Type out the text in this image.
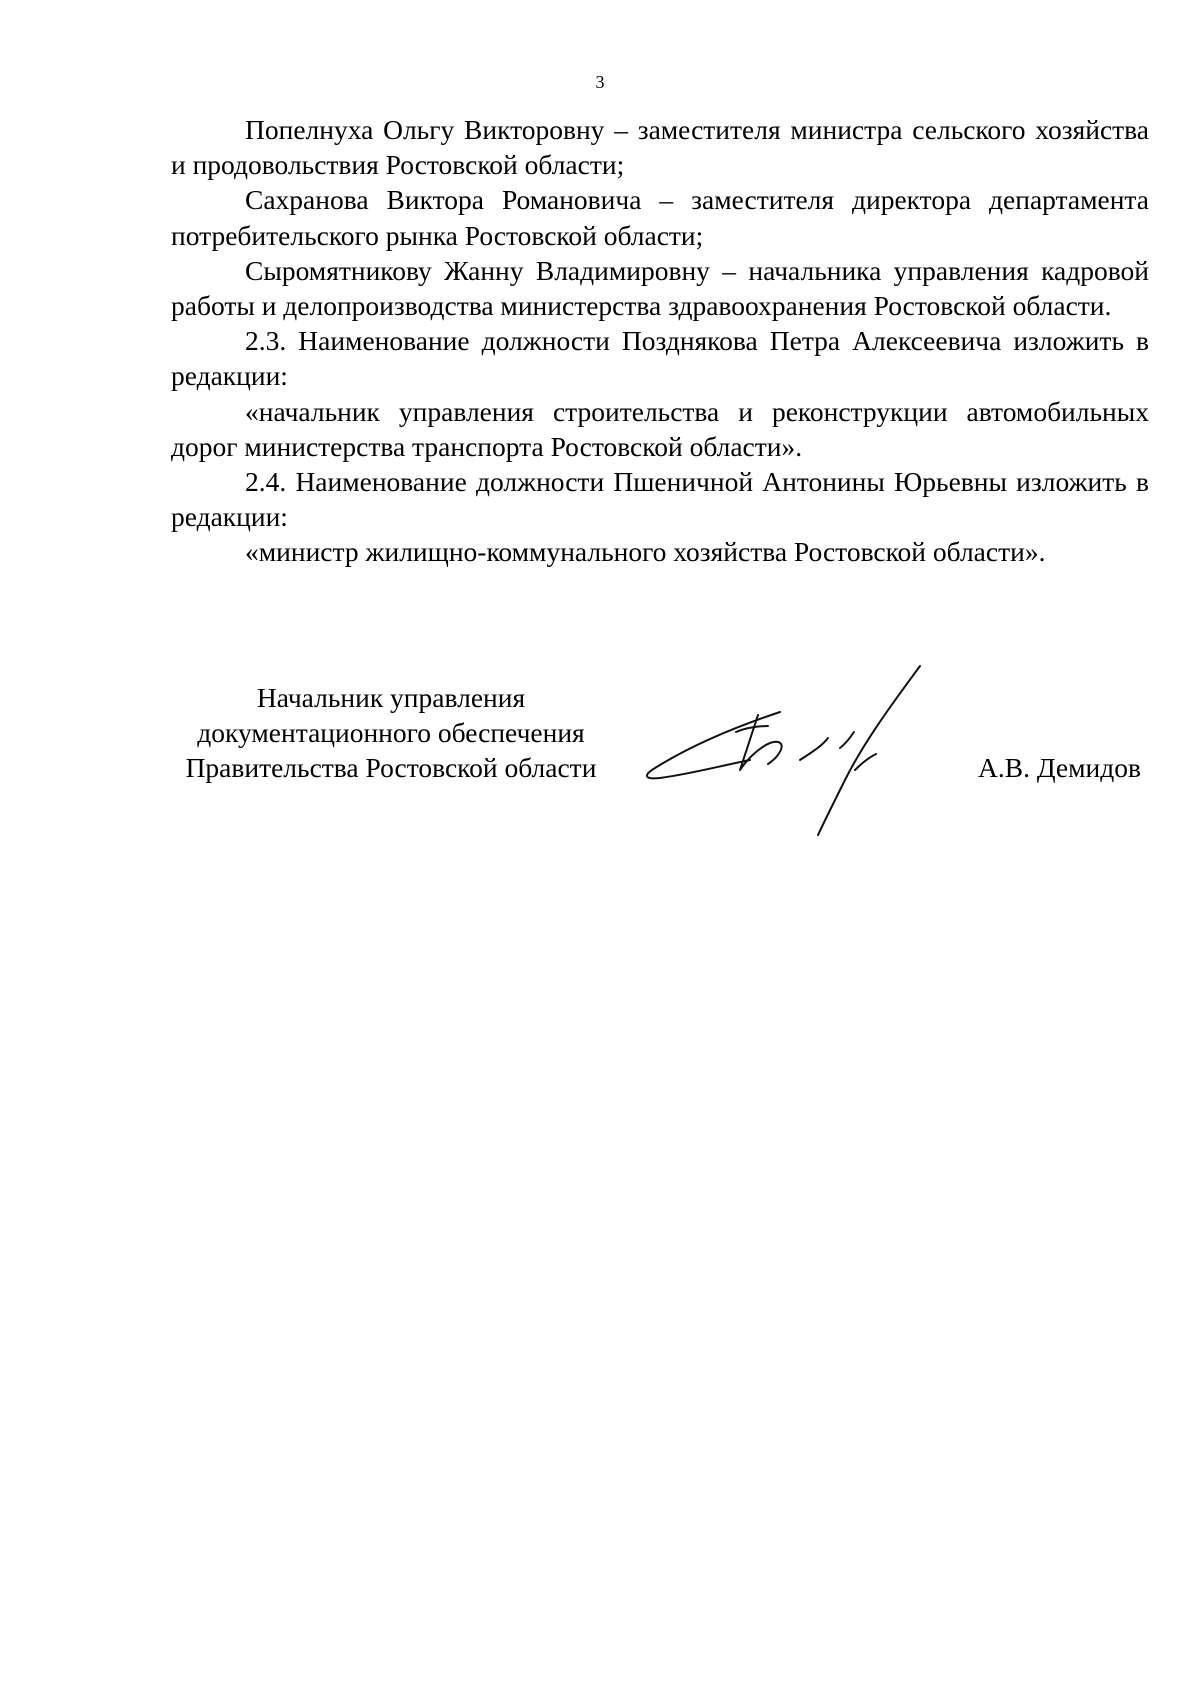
3

Попелнуха Ольгу Викторовну – заместителя министра сельского хозяйства и продовольствия Ростовской области;

Сахранова Виктора Романовича – заместителя директора департамента потребительского рынка Ростовской области;

Сыромятникову Жанну Владимировну – начальника управления кадровой работы и делопроизводства министерства здравоохранения Ростовской области.

2.3. Наименование должности Позднякова Петра Алексеевича изложить в редакции:

«начальник управления строительства и реконструкции автомобильных дорог министерства транспорта Ростовской области».

2.4. Наименование должности Пшеничной Антонины Юрьевны изложить в редакции:

«министр жилищно-коммунального хозяйства Ростовской области».

Начальник управления
документационного обеспечения
Правительства Ростовской области	А.В. Демидов
